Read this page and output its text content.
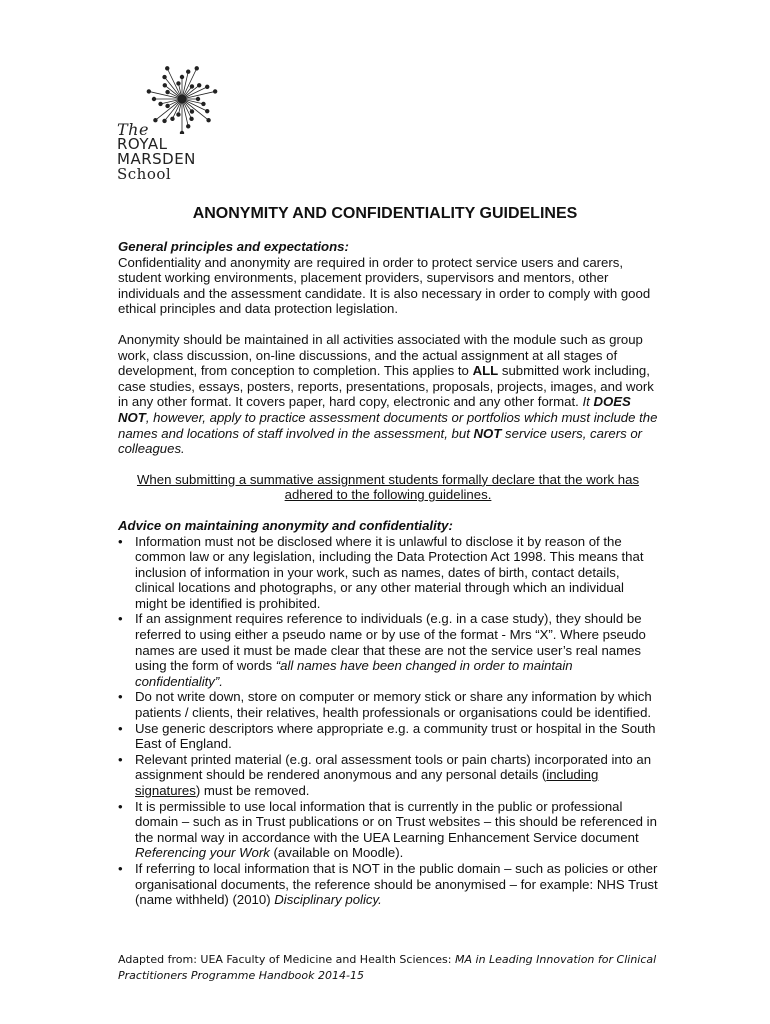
The
ROYAL
MARSDEN
School
ANONYMITY AND CONFIDENTIALITY GUIDELINES

General principles and expectations:

Confidentiality and anonymity are required in order to protect service users and carers, student working environments, placement providers, supervisors and mentors, other individuals and the assessment candidate. It is also necessary in order to comply with good ethical principles and data protection legislation.

Anonymity should be maintained in all activities associated with the module such as group work, class discussion, on-line discussions, and the actual assignment at all stages of development, from conception to completion. This applies to ALL submitted work including, case studies, essays, posters, reports, presentations, proposals, projects, images, and work in any other format. It covers paper, hard copy, electronic and any other format. It DOES NOT, however, apply to practice assessment documents or portfolios which must include the names and locations of staff involved in the assessment, but NOT service users, carers or colleagues.

When submitting a summative assignment students formally declare that the work has adhered to the following guidelines.

Advice on maintaining anonymity and confidentiality:

• Information must not be disclosed where it is unlawful to disclose it by reason of the common law or any legislation, including the Data Protection Act 1998. This means that inclusion of information in your work, such as names, dates of birth, contact details, clinical locations and photographs, or any other material through which an individual might be identified is prohibited.
• If an assignment requires reference to individuals (e.g. in a case study), they should be referred to using either a pseudo name or by use of the format - Mrs “X”. Where pseudo names are used it must be made clear that these are not the service user’s real names using the form of words “all names have been changed in order to maintain confidentiality”.
• Do not write down, store on computer or memory stick or share any information by which patients / clients, their relatives, health professionals or organisations could be identified.
• Use generic descriptors where appropriate e.g. a community trust or hospital in the South East of England.
• Relevant printed material (e.g. oral assessment tools or pain charts) incorporated into an assignment should be rendered anonymous and any personal details (including signatures) must be removed.
• It is permissible to use local information that is currently in the public or professional domain – such as in Trust publications or on Trust websites – this should be referenced in the normal way in accordance with the UEA Learning Enhancement Service document Referencing your Work (available on Moodle).
• If referring to local information that is NOT in the public domain – such as policies or other organisational documents, the reference should be anonymised – for example: NHS Trust (name withheld) (2010) Disciplinary policy.
Adapted from: UEA Faculty of Medicine and Health Sciences: MA in Leading Innovation for Clinical Practitioners Programme Handbook 2014-15
